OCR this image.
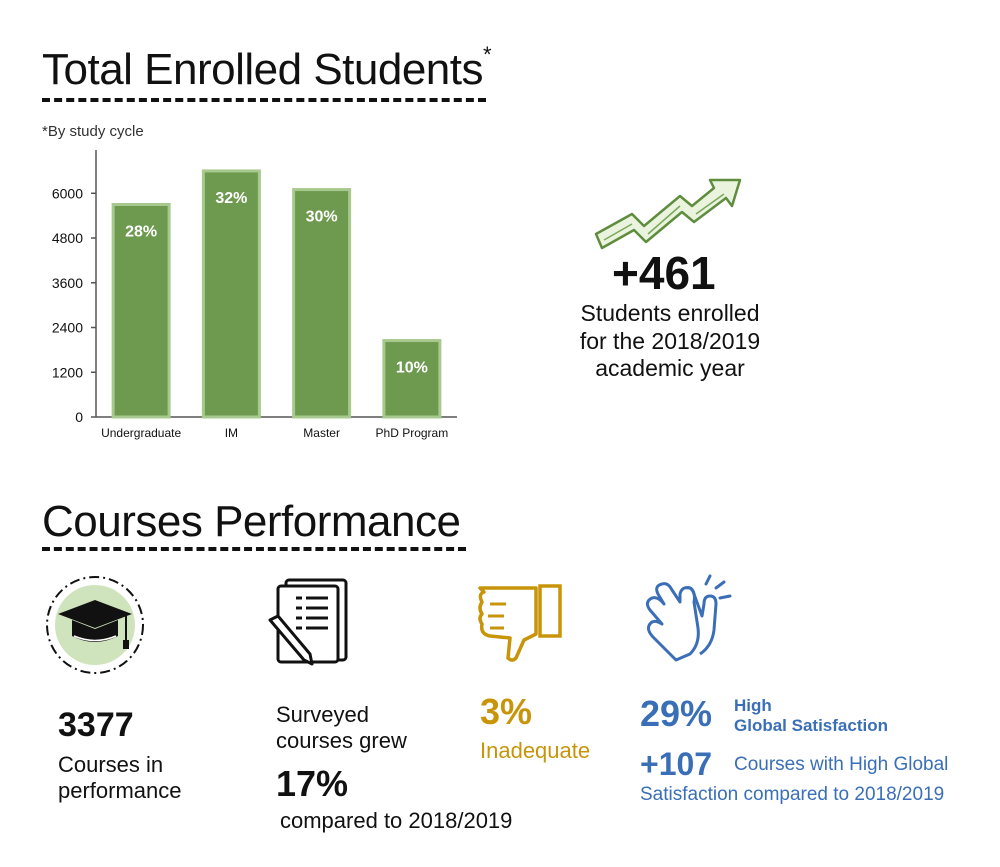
Total Enrolled Students*
*By study cycle
0
1200
2400
3600
4800
6000
28%
Undergraduate
32%
IM
30%
Master
10%
PhD Program
+461
Students enrolled
for the 2018/2019
academic year
Courses Performance
3377
Courses in
performance
Surveyed
courses grew
17%
compared to 2018/2019
3%
Inadequate
29% High
Global Satisfaction
+107 Courses with High Global
Satisfaction compared to 2018/2019
